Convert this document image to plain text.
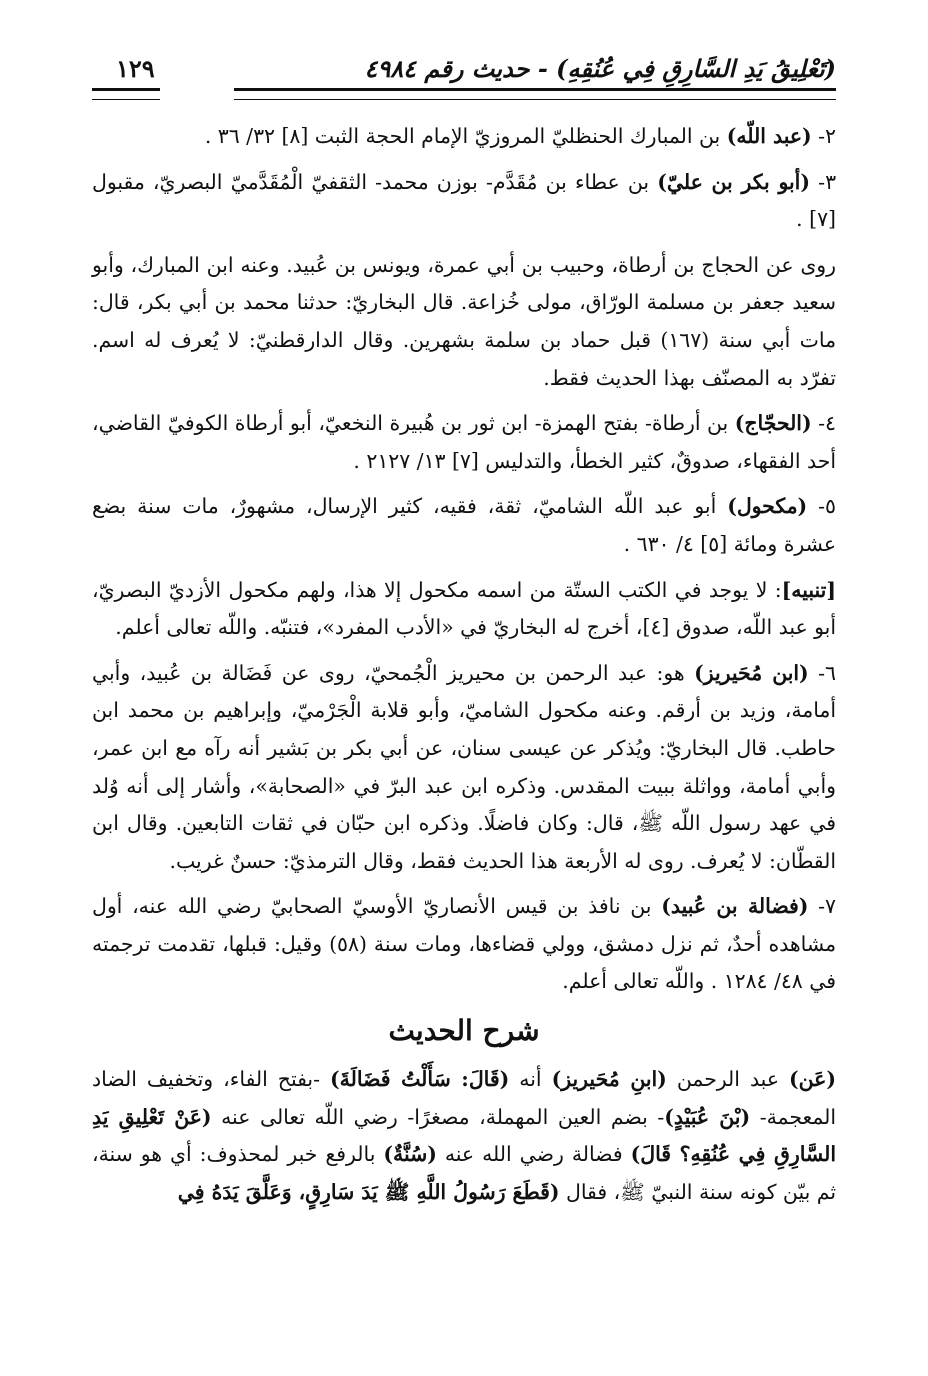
(تَعْلِيقُ يَدِ السَّارِقِ فِي عُنُقِهِ) - حديث رقم ٤٩٨٤
١٢٩

٢- (عبد اللّه) بن المبارك الحنظليّ المروزيّ الإمام الحجة الثبت [٨] ٣٢/ ٣٦ .

٣- (أبو بكر بن عليّ) بن عطاء بن مُقَدَّم- بوزن محمد- الثقفيّ الْمُقَدَّميّ البصريّ، مقبول [٧] .

روى عن الحجاج بن أرطاة، وحبيب بن أبي عمرة، ويونس بن عُبيد. وعنه ابن المبارك، وأبو سعيد جعفر بن مسلمة الورّاق، مولى خُزاعة. قال البخاريّ: حدثنا محمد بن أبي بكر، قال: مات أبي سنة (١٦٧) قبل حماد بن سلمة بشهرين. وقال الدارقطنيّ: لا يُعرف له اسم. تفرّد به المصنّف بهذا الحديث فقط.

٤- (الحجّاج) بن أرطاة- بفتح الهمزة- ابن ثور بن هُبيرة النخعيّ، أبو أرطاة الكوفيّ القاضي، أحد الفقهاء، صدوقٌ، كثير الخطأ، والتدليس [٧] ١٣/ ٢١٢٧ .

٥- (مكحول) أبو عبد اللّه الشاميّ، ثقة، فقيه، كثير الإرسال، مشهورٌ، مات سنة بضع عشرة ومائة [٥] ٤/ ٦٣٠ .

[تنبيه]: لا يوجد في الكتب الستّة من اسمه مكحول إلا هذا، ولهم مكحول الأزديّ البصريّ، أبو عبد اللّه، صدوق [٤]، أخرج له البخاريّ في «الأدب المفرد»، فتنبّه. واللّه تعالى أعلم.

٦- (ابن مُحَيريز) هو: عبد الرحمن بن محيريز الْجُمحيّ، روى عن فَضَالة بن عُبيد، وأبي أمامة، وزيد بن أرقم. وعنه مكحول الشاميّ، وأبو قلابة الْجَرْميّ، وإبراهيم بن محمد ابن حاطب. قال البخاريّ: ويُذكر عن عيسى سنان، عن أبي بكر بن بَشير أنه رآه مع ابن عمر، وأبي أمامة، وواثلة ببيت المقدس. وذكره ابن عبد البرّ في «الصحابة»، وأشار إلى أنه وُلد في عهد رسول اللّه ﷺ، قال: وكان فاضلًا. وذكره ابن حبّان في ثقات التابعين. وقال ابن القطّان: لا يُعرف. روى له الأربعة هذا الحديث فقط، وقال الترمذيّ: حسنٌ غريب.

٧- (فضالة بن عُبيد) بن نافذ بن قيس الأنصاريّ الأوسيّ الصحابيّ رضي الله عنه، أول مشاهده أحدٌ، ثم نزل دمشق، وولي قضاءها، ومات سنة (٥٨) وقيل: قبلها، تقدمت ترجمته في ٤٨/ ١٢٨٤ . واللّه تعالى أعلم.

شرح الحديث

(عَن) عبد الرحمن (ابنِ مُحَيريز) أنه (قَالَ: سَأَلْتُ فَضَالَةَ) -بفتح الفاء، وتخفيف الضاد المعجمة- (بْنَ عُبَيْدٍ)- بضم العين المهملة، مصغرًا- رضي اللّه تعالى عنه (عَنْ تَعْلِيقِ يَدِ السَّارِقِ فِي عُنُقِهِ؟ قَالَ) فضالة رضي الله عنه (سُنَّةٌ) بالرفع خبر لمحذوف: أي هو سنة، ثم بيّن كونه سنة النبيّ ﷺ، فقال (قَطَعَ رَسُولُ اللَّهِ ﷺ يَدَ سَارِقٍ، وَعَلَّقَ يَدَهُ فِي
